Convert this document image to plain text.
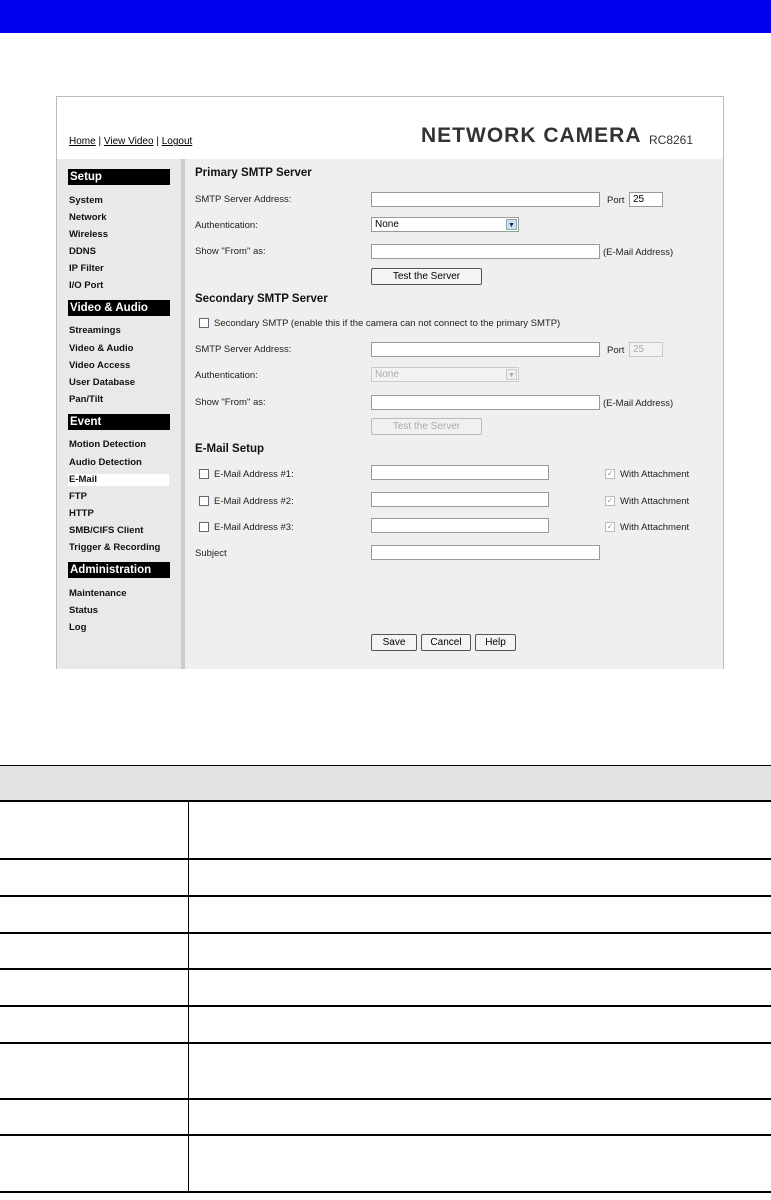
Home | View Video | Logout	NETWORK CAMERA RC8261
Setup
System
Network
Wireless
DDNS
IP Filter
I/O Port
Video & Audio
Streamings
Video & Audio
Video Access
User Database
Pan/Tilt
Event
Motion Detection
Audio Detection
E-Mail
FTP
HTTP
SMB/CIFS Client
Trigger & Recording
Administration
Maintenance
Status
Log
Primary SMTP Server
SMTP Server Address:	Port 25
Authentication:	None	▼
Show "From" as:	(E-Mail Address)
Test the Server
Secondary SMTP Server
Secondary SMTP (enable this if the camera can not connect to the primary SMTP)
SMTP Server Address:	Port 25
Authentication:	None	▼
Show "From" as:	(E-Mail Address)
Test the Server
E-Mail Setup
E-Mail Address #1:	✓ With Attachment
E-Mail Address #2:	✓ With Attachment
E-Mail Address #3:	✓ With Attachment
Subject
Save	Cancel	Help
